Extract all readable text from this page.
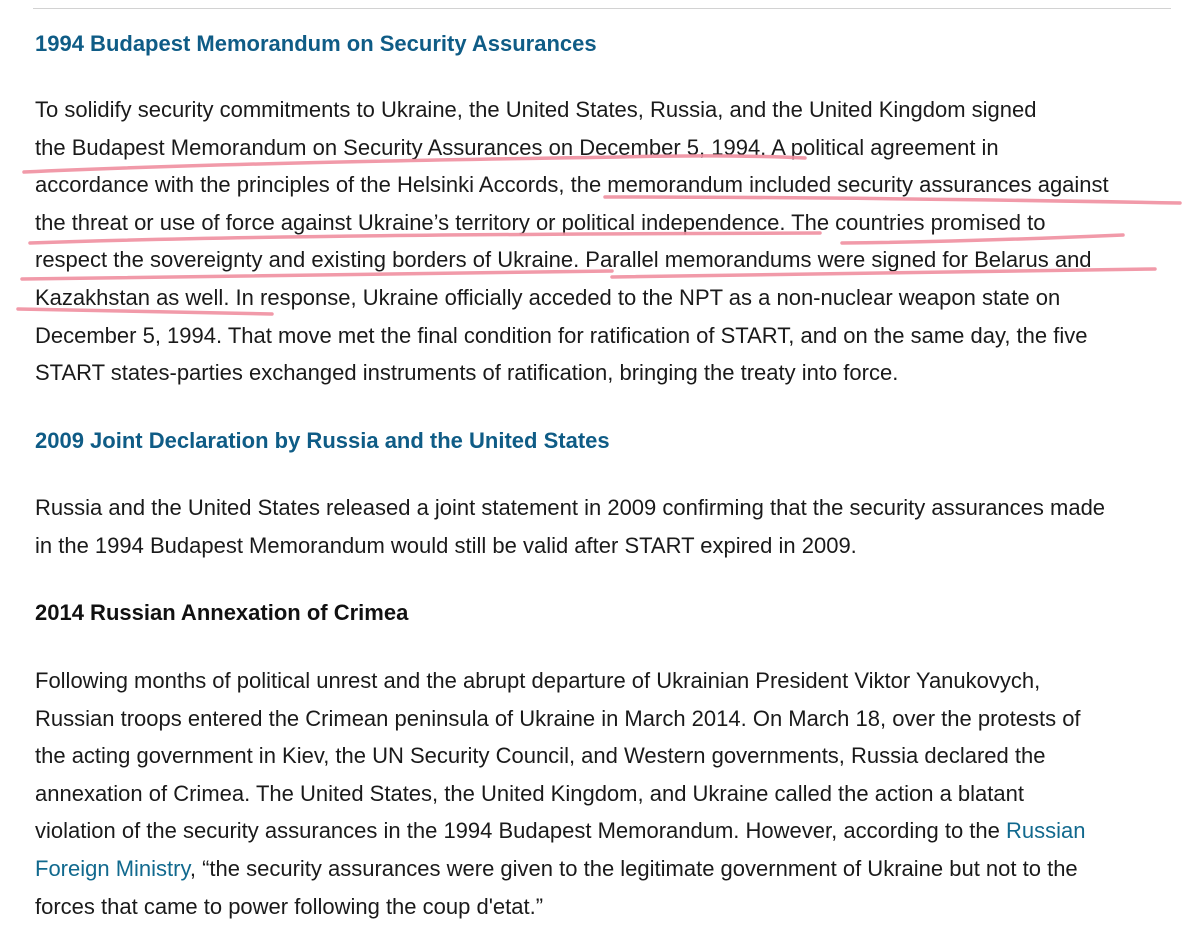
1994 Budapest Memorandum on Security Assurances

To solidify security commitments to Ukraine, the United States, Russia, and the United Kingdom signed
the Budapest Memorandum on Security Assurances on December 5, 1994. A political agreement in
accordance with the principles of the Helsinki Accords, the memorandum included security assurances against
the threat or use of force against Ukraine’s territory or political independence. The countries promised to
respect the sovereignty and existing borders of Ukraine. Parallel memorandums were signed for Belarus and
Kazakhstan as well. In response, Ukraine officially acceded to the NPT as a non-nuclear weapon state on
December 5, 1994. That move met the final condition for ratification of START, and on the same day, the five
START states-parties exchanged instruments of ratification, bringing the treaty into force.

2009 Joint Declaration by Russia and the United States

Russia and the United States released a joint statement in 2009 confirming that the security assurances made
in the 1994 Budapest Memorandum would still be valid after START expired in 2009.

2014 Russian Annexation of Crimea

Following months of political unrest and the abrupt departure of Ukrainian President Viktor Yanukovych,
Russian troops entered the Crimean peninsula of Ukraine in March 2014. On March 18, over the protests of
the acting government in Kiev, the UN Security Council, and Western governments, Russia declared the
annexation of Crimea. The United States, the United Kingdom, and Ukraine called the action a blatant
violation of the security assurances in the 1994 Budapest Memorandum. However, according to the Russian
Foreign Ministry, “the security assurances were given to the legitimate government of Ukraine but not to the
forces that came to power following the coup d'etat.”
